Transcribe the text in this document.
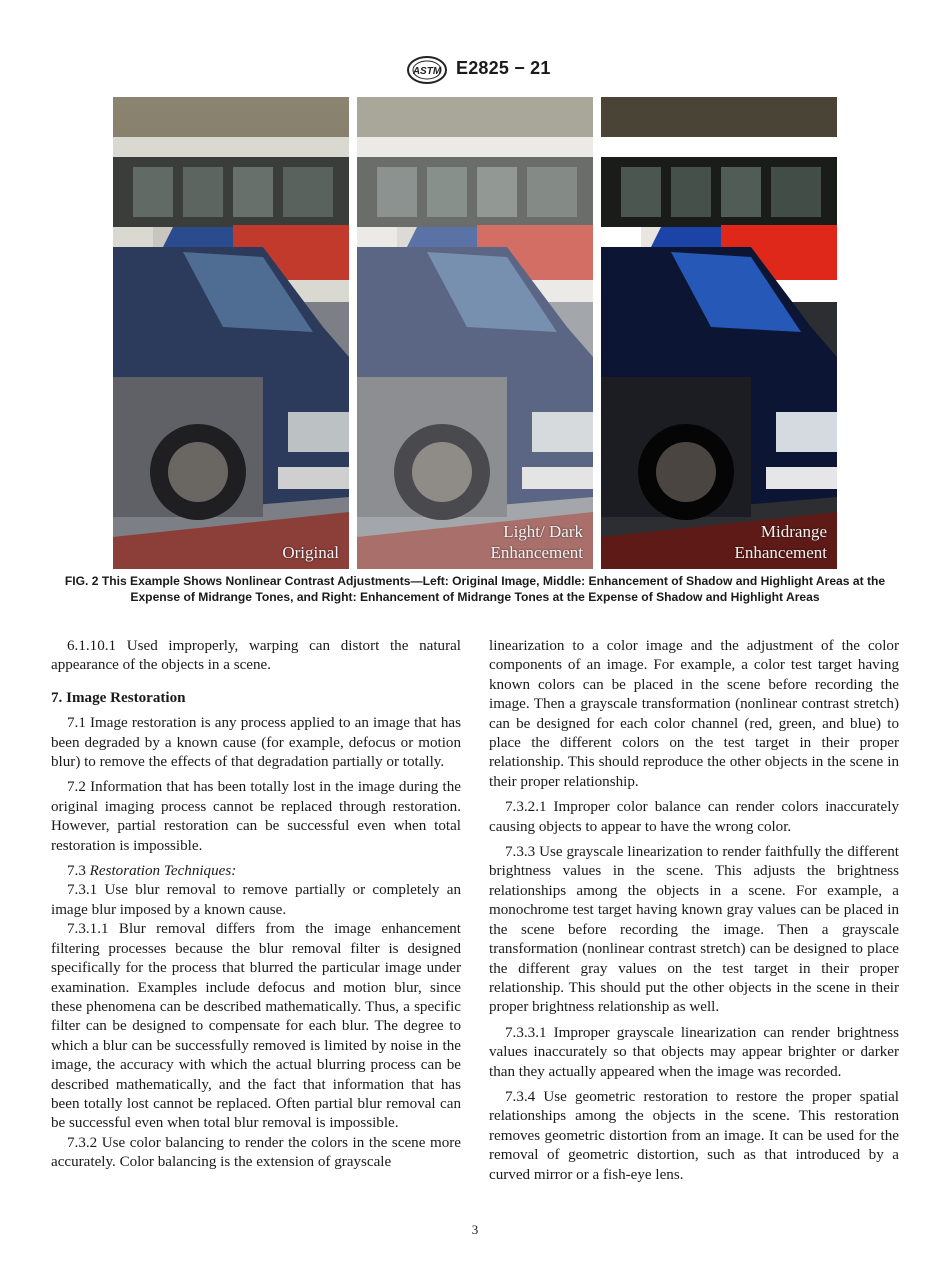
ASTM E2825 − 21
Original
Light/ Dark
Enhancement
Midrange
Enhancement
FIG. 2 This Example Shows Nonlinear Contrast Adjustments—Left: Original Image, Middle: Enhancement of Shadow and Highlight Areas at the Expense of Midrange Tones, and Right: Enhancement of Midrange Tones at the Expense of Shadow and Highlight Areas

6.1.10.1 Used improperly, warping can distort the natural appearance of the objects in a scene.

7. Image Restoration

7.1 Image restoration is any process applied to an image that has been degraded by a known cause (for example, defocus or motion blur) to remove the effects of that degradation partially or totally.

7.2 Information that has been totally lost in the image during the original imaging process cannot be replaced through restoration. However, partial restoration can be successful even when total restoration is impossible.

7.3 Restoration Techniques:

7.3.1 Use blur removal to remove partially or completely an image blur imposed by a known cause.

7.3.1.1 Blur removal differs from the image enhancement filtering processes because the blur removal filter is designed specifically for the process that blurred the particular image under examination. Examples include defocus and motion blur, since these phenomena can be described mathematically. Thus, a specific filter can be designed to compensate for each blur. The degree to which a blur can be successfully removed is limited by noise in the image, the accuracy with which the actual blurring process can be described mathematically, and the fact that information that has been totally lost cannot be replaced. Often partial blur removal can be successful even when total blur removal is impossible.

7.3.2 Use color balancing to render the colors in the scene more accurately. Color balancing is the extension of grayscale

linearization to a color image and the adjustment of the color components of an image. For example, a color test target having known colors can be placed in the scene before recording the image. Then a grayscale transformation (nonlinear contrast stretch) can be designed for each color channel (red, green, and blue) to place the different colors on the test target in their proper relationship. This should reproduce the other objects in the scene in their proper relationship.

7.3.2.1 Improper color balance can render colors inaccurately causing objects to appear to have the wrong color.

7.3.3 Use grayscale linearization to render faithfully the different brightness values in the scene. This adjusts the brightness relationships among the objects in a scene. For example, a monochrome test target having known gray values can be placed in the scene before recording the image. Then a grayscale transformation (nonlinear contrast stretch) can be designed to place the different gray values on the test target in their proper relationship. This should put the other objects in the scene in their proper brightness relationship as well.

7.3.3.1 Improper grayscale linearization can render brightness values inaccurately so that objects may appear brighter or darker than they actually appeared when the image was recorded.

7.3.4 Use geometric restoration to restore the proper spatial relationships among the objects in the scene. This restoration removes geometric distortion from an image. It can be used for the removal of geometric distortion, such as that introduced by a curved mirror or a fish-eye lens.

3
